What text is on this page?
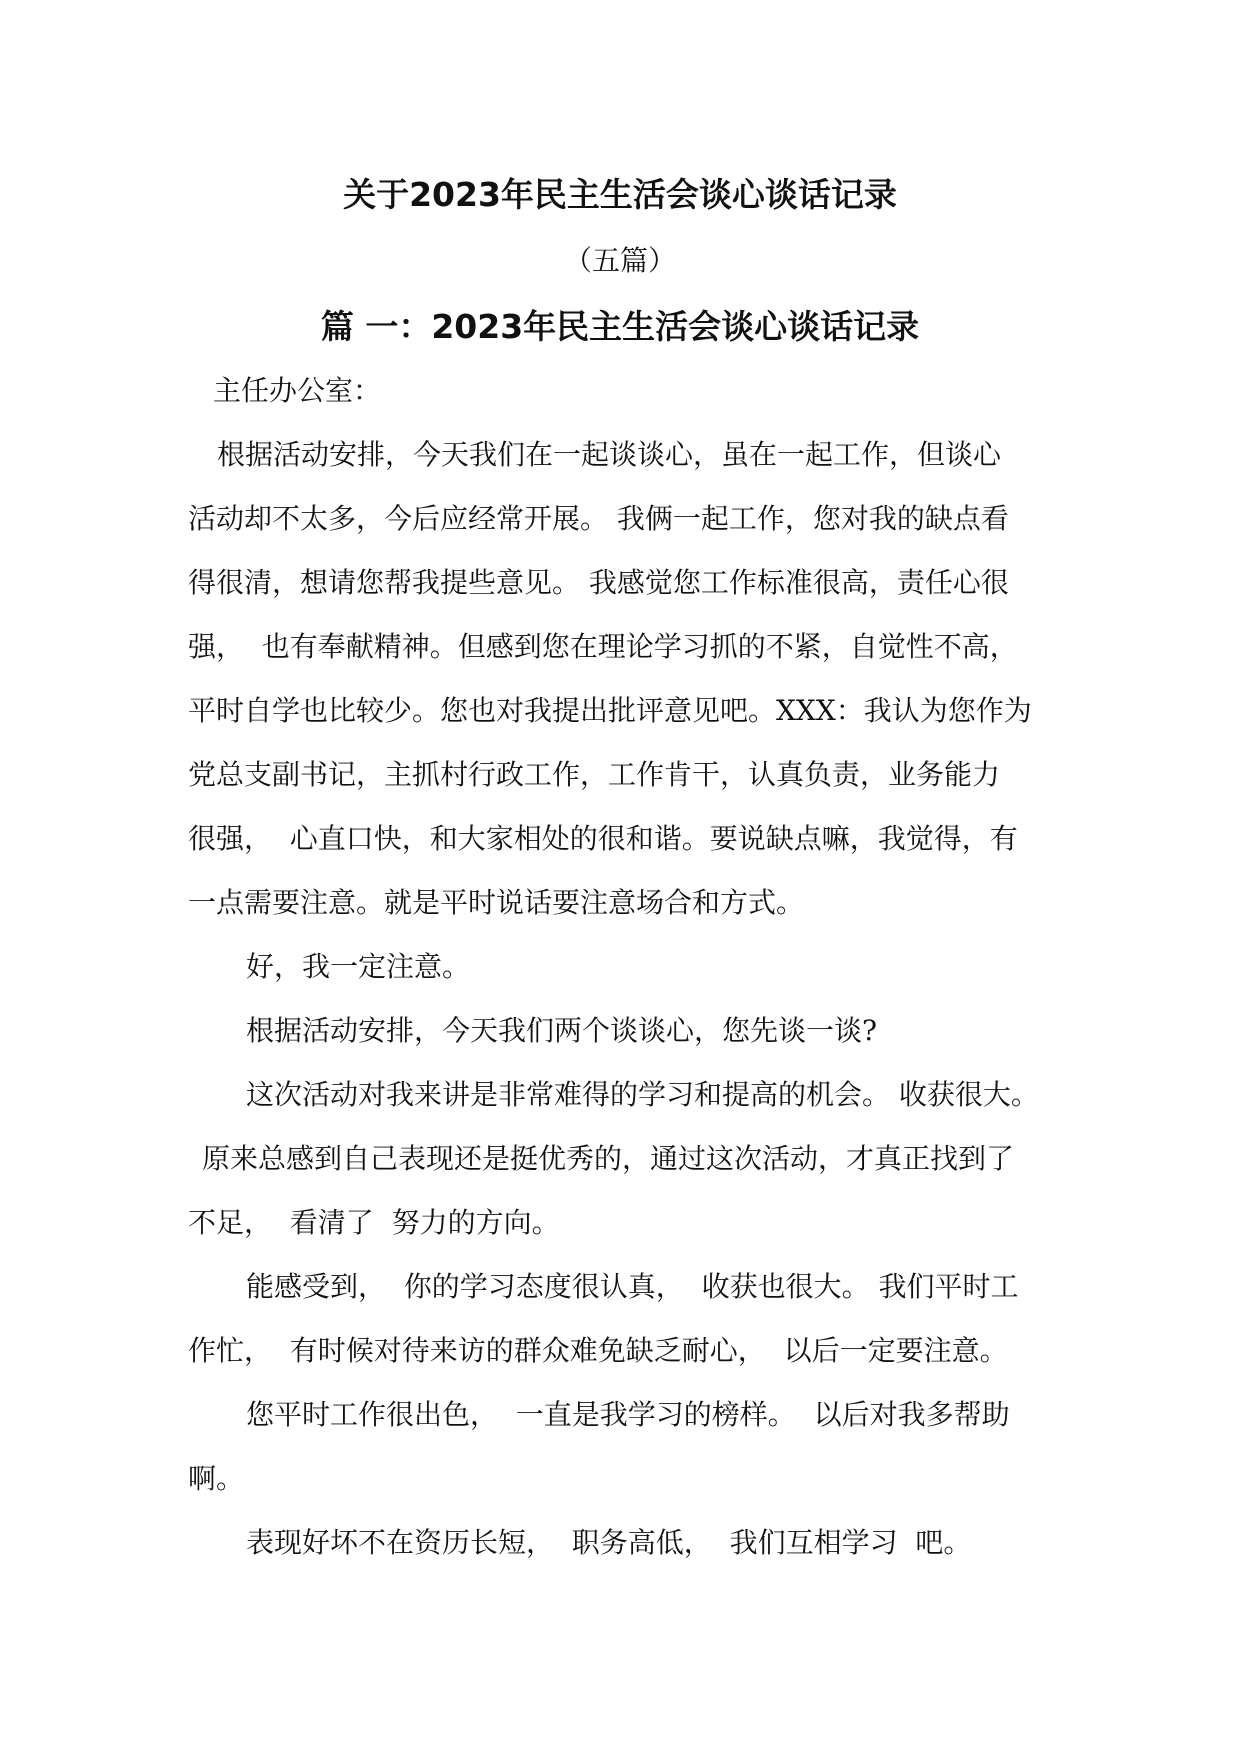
关于2023年民主生活会谈心谈话记录
（五篇）
篇 一：2023年民主生活会谈心谈话记录
主任办公室：
根据活动安排，今天我们在一起谈谈心，虽在一起工作，但谈心
活动却不太多，今后应经常开展。 我俩一起工作，您对我的缺点看
得很清，想请您帮我提些意见。 我感觉您工作标准很高，责任心很
强，  也有奉献精神。但感到您在理论学习抓的不紧，自觉性不高，
平时自学也比较少。您也对我提出批评意见吧。XXX：我认为您作为
党总支副书记，主抓村行政工作，工作肯干，认真负责，业务能力
很强，  心直口快，和大家相处的很和谐。要说缺点嘛，我觉得，有
一点需要注意。就是平时说话要注意场合和方式。
好，我一定注意。
根据活动安排，今天我们两个谈谈心，您先谈一谈?
这次活动对我来讲是非常难得的学习和提高的机会。 收获很大。
原来总感到自己表现还是挺优秀的，通过这次活动，才真正找到了
不足，  看清了  努力的方向。
能感受到，  你的学习态度很认真，  收获也很大。 我们平时工
作忙，  有时候对待来访的群众难免缺乏耐心，  以后一定要注意。
您平时工作很出色，  一直是我学习的榜样。  以后对我多帮助
啊。
表现好坏不在资历长短，  职务高低，  我们互相学习  吧。
